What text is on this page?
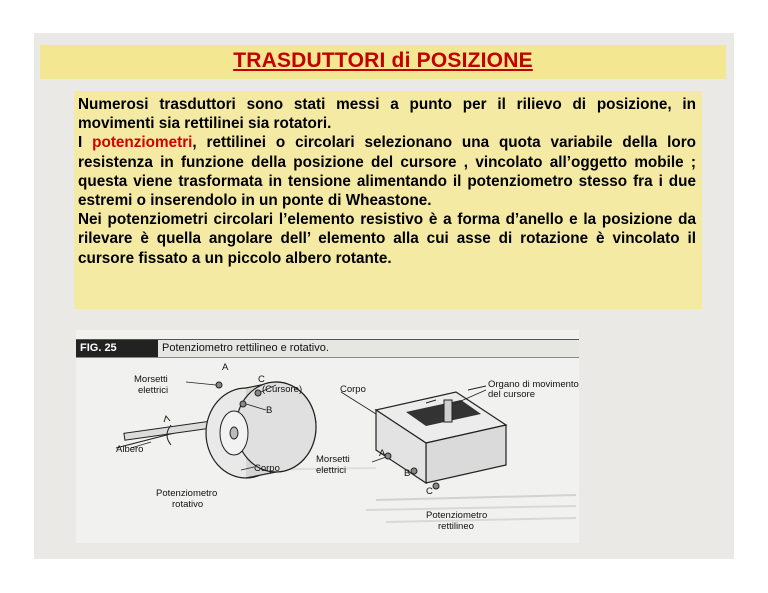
TRASDUTTORI di POSIZIONE

Numerosi trasduttori sono stati messi a punto per il rilievo di posizione, in movimenti sia rettilinei sia rotatori.

I potenziometri, rettilinei o circolari selezionano una quota variabile della loro resistenza in funzione della posizione del cursore , vincolato all’oggetto mobile ; questa viene trasformata in tensione alimentando il potenziometro stesso fra i due estremi o inserendolo in un ponte di Wheastone.

Nei potenziometri circolari l’elemento resistivo è a forma d’anello e la posizione da rilevare è quella angolare dell’ elemento alla cui asse di rotazione è vincolato il cursore fissato a un piccolo albero rotante.

FIG. 25	Potenziometro rettilineo e rotativo.
A
C
(Cursore)
B
Morsetti
elettrici
Albero
Corpo
Potenziometro
rotativo
Corpo	Organo di movimento
del cursore
A
B
C
Morsetti
elettrici
Potenziometro
rettilineo
